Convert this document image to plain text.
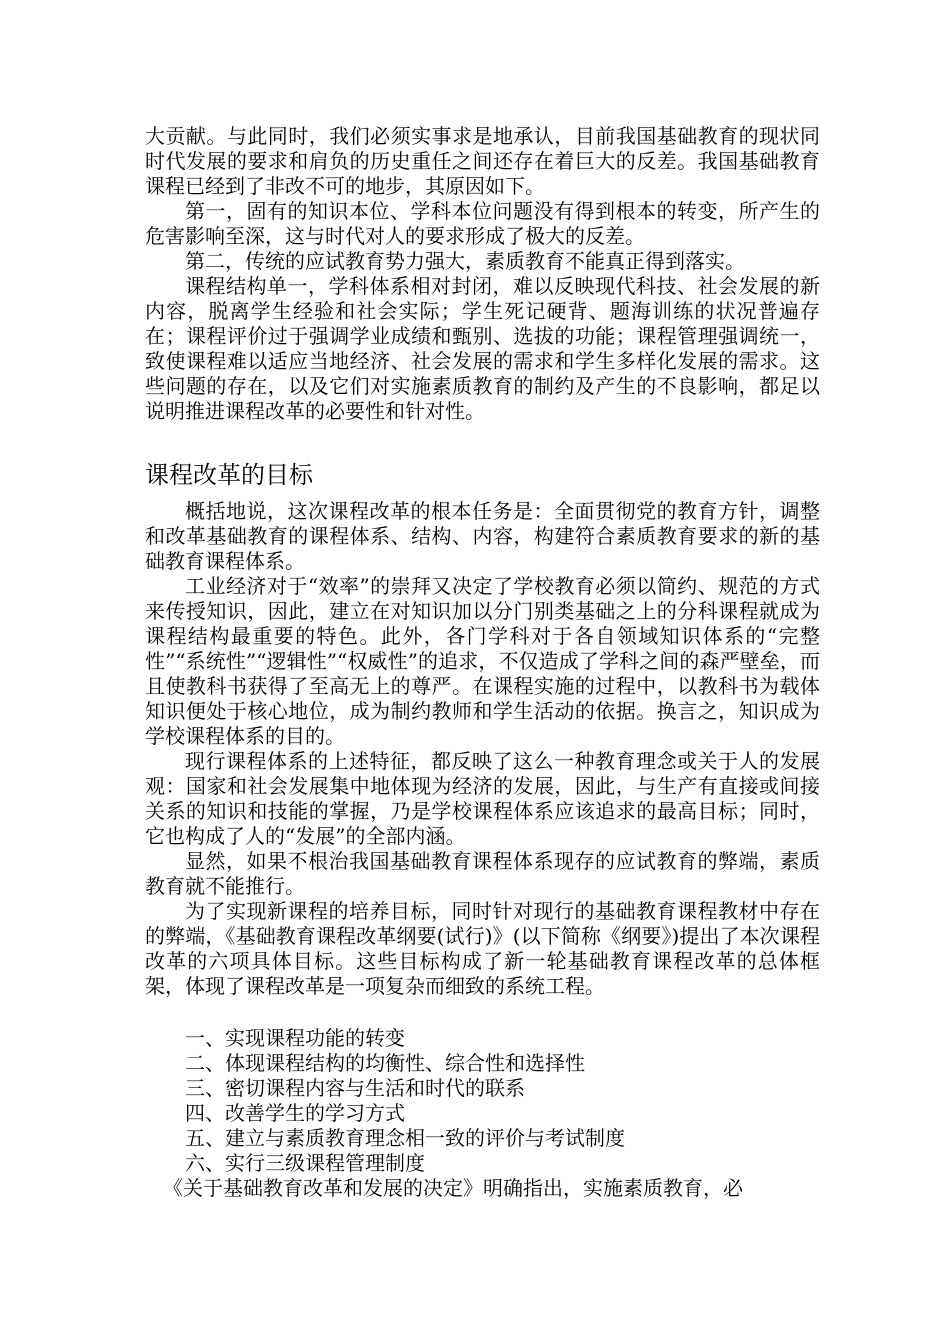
大贡献。与此同时，我们必须实事求是地承认，目前我国基础教育的现状同时代发展的要求和肩负的历史重任之间还存在着巨大的反差。我国基础教育课程已经到了非改不可的地步，其原因如下。

第一，固有的知识本位、学科本位问题没有得到根本的转变，所产生的危害影响至深，这与时代对人的要求形成了极大的反差。

第二，传统的应试教育势力强大，素质教育不能真正得到落实。

课程结构单一，学科体系相对封闭，难以反映现代科技、社会发展的新内容，脱离学生经验和社会实际；学生死记硬背、题海训练的状况普遍存在；课程评价过于强调学业成绩和甄别、选拔的功能；课程管理强调统一，致使课程难以适应当地经济、社会发展的需求和学生多样化发展的需求。这些问题的存在，以及它们对实施素质教育的制约及产生的不良影响，都足以说明推进课程改革的必要性和针对性。

课程改革的目标

概括地说，这次课程改革的根本任务是：全面贯彻党的教育方针，调整和改革基础教育的课程体系、结构、内容，构建符合素质教育要求的新的基础教育课程体系。

工业经济对于“效率”的崇拜又决定了学校教育必须以简约、规范的方式来传授知识，因此，建立在对知识加以分门别类基础之上的分科课程就成为课程结构最重要的特色。此外，各门学科对于各自领域知识体系的“完整性”“系统性”“逻辑性”“权威性”的追求，不仅造成了学科之间的森严壁垒，而且使教科书获得了至高无上的尊严。在课程实施的过程中，以教科书为载体知识便处于核心地位，成为制约教师和学生活动的依据。换言之，知识成为学校课程体系的目的。

现行课程体系的上述特征，都反映了这么一种教育理念或关于人的发展观：国家和社会发展集中地体现为经济的发展，因此，与生产有直接或间接关系的知识和技能的掌握，乃是学校课程体系应该追求的最高目标；同时，它也构成了人的“发展”的全部内涵。

显然，如果不根治我国基础教育课程体系现存的应试教育的弊端，素质教育就不能推行。

为了实现新课程的培养目标，同时针对现行的基础教育课程教材中存在的弊端，《基础教育课程改革纲要(试行)》(以下简称《纲要》)提出了本次课程改革的六项具体目标。这些目标构成了新一轮基础教育课程改革的总体框架，体现了课程改革是一项复杂而细致的系统工程。

一、实现课程功能的转变
二、体现课程结构的均衡性、综合性和选择性
三、密切课程内容与生活和时代的联系
四、改善学生的学习方式
五、建立与素质教育理念相一致的评价与考试制度
六、实行三级课程管理制度

《关于基础教育改革和发展的决定》明确指出，实施素质教育，必
